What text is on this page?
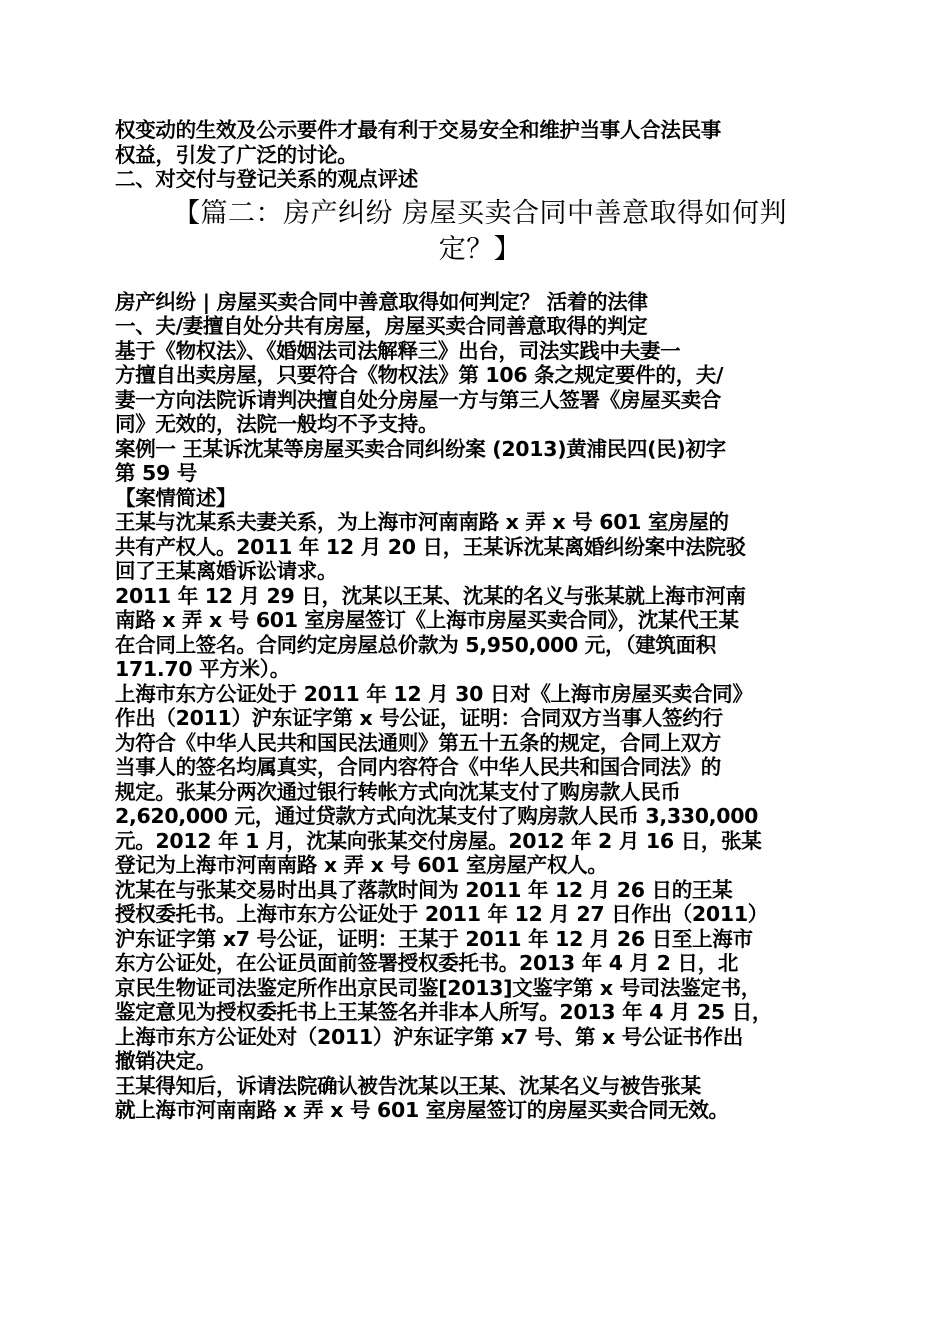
权变动的生效及公示要件才最有利于交易安全和维护当事人合法民事
权益，引发了广泛的讨论。
二、对交付与登记关系的观点评述
【篇二：房产纠纷 房屋买卖合同中善意取得如何判
定？】
房产纠纷 | 房屋买卖合同中善意取得如何判定？ 活着的法律
一、夫/妻擅自处分共有房屋，房屋买卖合同善意取得的判定
基于《物权法》、《婚姻法司法解释三》出台，司法实践中夫妻一
方擅自出卖房屋，只要符合《物权法》第 106 条之规定要件的，夫/
妻一方向法院诉请判决擅自处分房屋一方与第三人签署《房屋买卖合
同》无效的，法院一般均不予支持。
案例一 王某诉沈某等房屋买卖合同纠纷案 (2013)黄浦民四(民)初字
第 59 号
【案情简述】
王某与沈某系夫妻关系，为上海市河南南路 x 弄 x 号 601 室房屋的
共有产权人。2011 年 12 月 20 日，王某诉沈某离婚纠纷案中法院驳
回了王某离婚诉讼请求。
2011 年 12 月 29 日，沈某以王某、沈某的名义与张某就上海市河南
南路 x 弄 x 号 601 室房屋签订《上海市房屋买卖合同》，沈某代王某
在合同上签名。合同约定房屋总价款为 5,950,000 元，（建筑面积
171.70 平方米）。
上海市东方公证处于 2011 年 12 月 30 日对《上海市房屋买卖合同》
作出（2011）沪东证字第 x 号公证，证明：合同双方当事人签约行
为符合《中华人民共和国民法通则》第五十五条的规定，合同上双方
当事人的签名均属真实，合同内容符合《中华人民共和国合同法》的
规定。张某分两次通过银行转帐方式向沈某支付了购房款人民币
2,620,000 元，通过贷款方式向沈某支付了购房款人民币 3,330,000
元。2012 年 1 月，沈某向张某交付房屋。2012 年 2 月 16 日，张某
登记为上海市河南南路 x 弄 x 号 601 室房屋产权人。
沈某在与张某交易时出具了落款时间为 2011 年 12 月 26 日的王某
授权委托书。上海市东方公证处于 2011 年 12 月 27 日作出（2011）
沪东证字第 x7 号公证，证明：王某于 2011 年 12 月 26 日至上海市
东方公证处，在公证员面前签署授权委托书。2013 年 4 月 2 日，北
京民生物证司法鉴定所作出京民司鉴[2013]文鉴字第 x 号司法鉴定书，
鉴定意见为授权委托书上王某签名并非本人所写。2013 年 4 月 25 日，
上海市东方公证处对（2011）沪东证字第 x7 号、第 x 号公证书作出
撤销决定。
王某得知后，诉请法院确认被告沈某以王某、沈某名义与被告张某
就上海市河南南路 x 弄 x 号 601 室房屋签订的房屋买卖合同无效。
